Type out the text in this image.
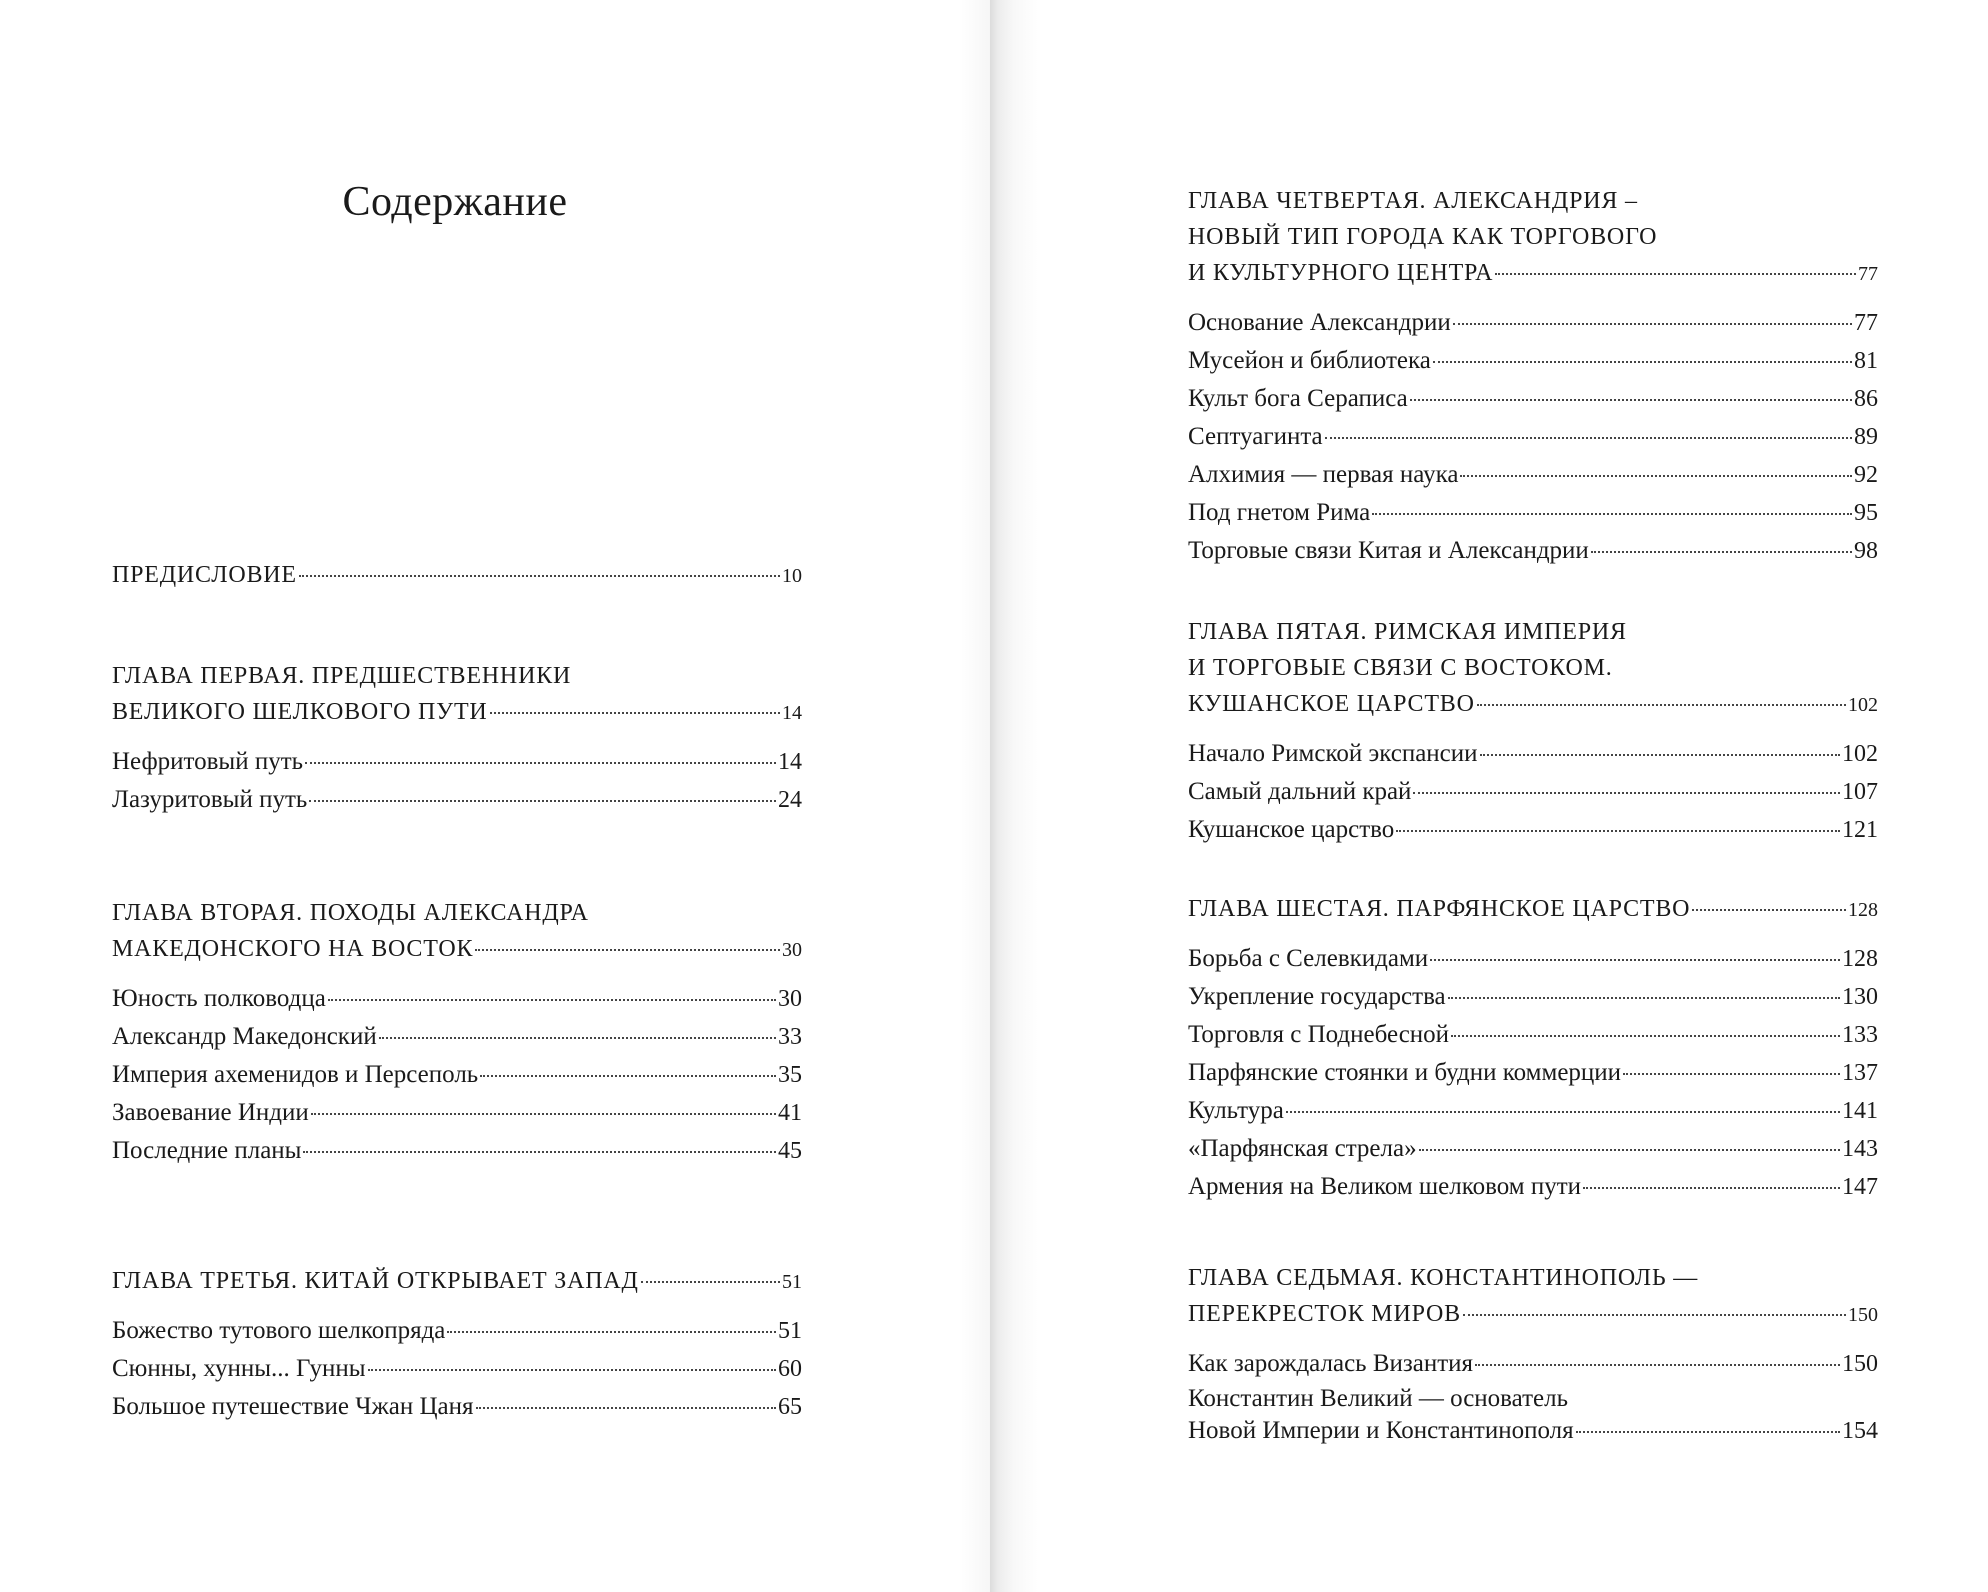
Содержание
ПРЕДИСЛОВИЕ	10
ГЛАВА ПЕРВАЯ. ПРЕДШЕСТВЕННИКИ
ВЕЛИКОГО ШЕЛКОВОГО ПУТИ	14
Нефритовый путь	14
Лазуритовый путь	24
ГЛАВА ВТОРАЯ. ПОХОДЫ АЛЕКСАНДРА
МАКЕДОНСКОГО НА ВОСТОК	30
Юность полководца	30
Александр Македонский	33
Империя ахеменидов и Персеполь	35
Завоевание Индии	41
Последние планы	45
ГЛАВА ТРЕТЬЯ. КИТАЙ ОТКРЫВАЕТ ЗАПАД	51
Божество тутового шелкопряда	51
Сюнны, хунны... Гунны	60
Большое путешествие Чжан Цаня	65
ГЛАВА ЧЕТВЕРТАЯ. АЛЕКСАНДРИЯ –
НОВЫЙ ТИП ГОРОДА КАК ТОРГОВОГО
И КУЛЬТУРНОГО ЦЕНТРА	77
Основание Александрии	77
Мусейон и библиотека	81
Культ бога Сераписа	86
Септуагинта	89
Алхимия — первая наука	92
Под гнетом Рима	95
Торговые связи Китая и Александрии	98
ГЛАВА ПЯТАЯ. РИМСКАЯ ИМПЕРИЯ
И ТОРГОВЫЕ СВЯЗИ С ВОСТОКОМ.
КУШАНСКОЕ ЦАРСТВО	102
Начало Римской экспансии	102
Самый дальний край	107
Кушанское царство	121
ГЛАВА ШЕСТАЯ. ПАРФЯНСКОЕ ЦАРСТВО	128
Борьба с Селевкидами	128
Укрепление государства	130
Торговля с Поднебесной	133
Парфянские стоянки и будни коммерции	137
Культура	141
«Парфянская стрела»	143
Армения на Великом шелковом пути	147
ГЛАВА СЕДЬМАЯ. КОНСТАНТИНОПОЛЬ —
ПЕРЕКРЕСТОК МИРОВ	150
Как зарождалась Византия	150
Константин Великий — основатель
Новой Империи и Константинополя	154
